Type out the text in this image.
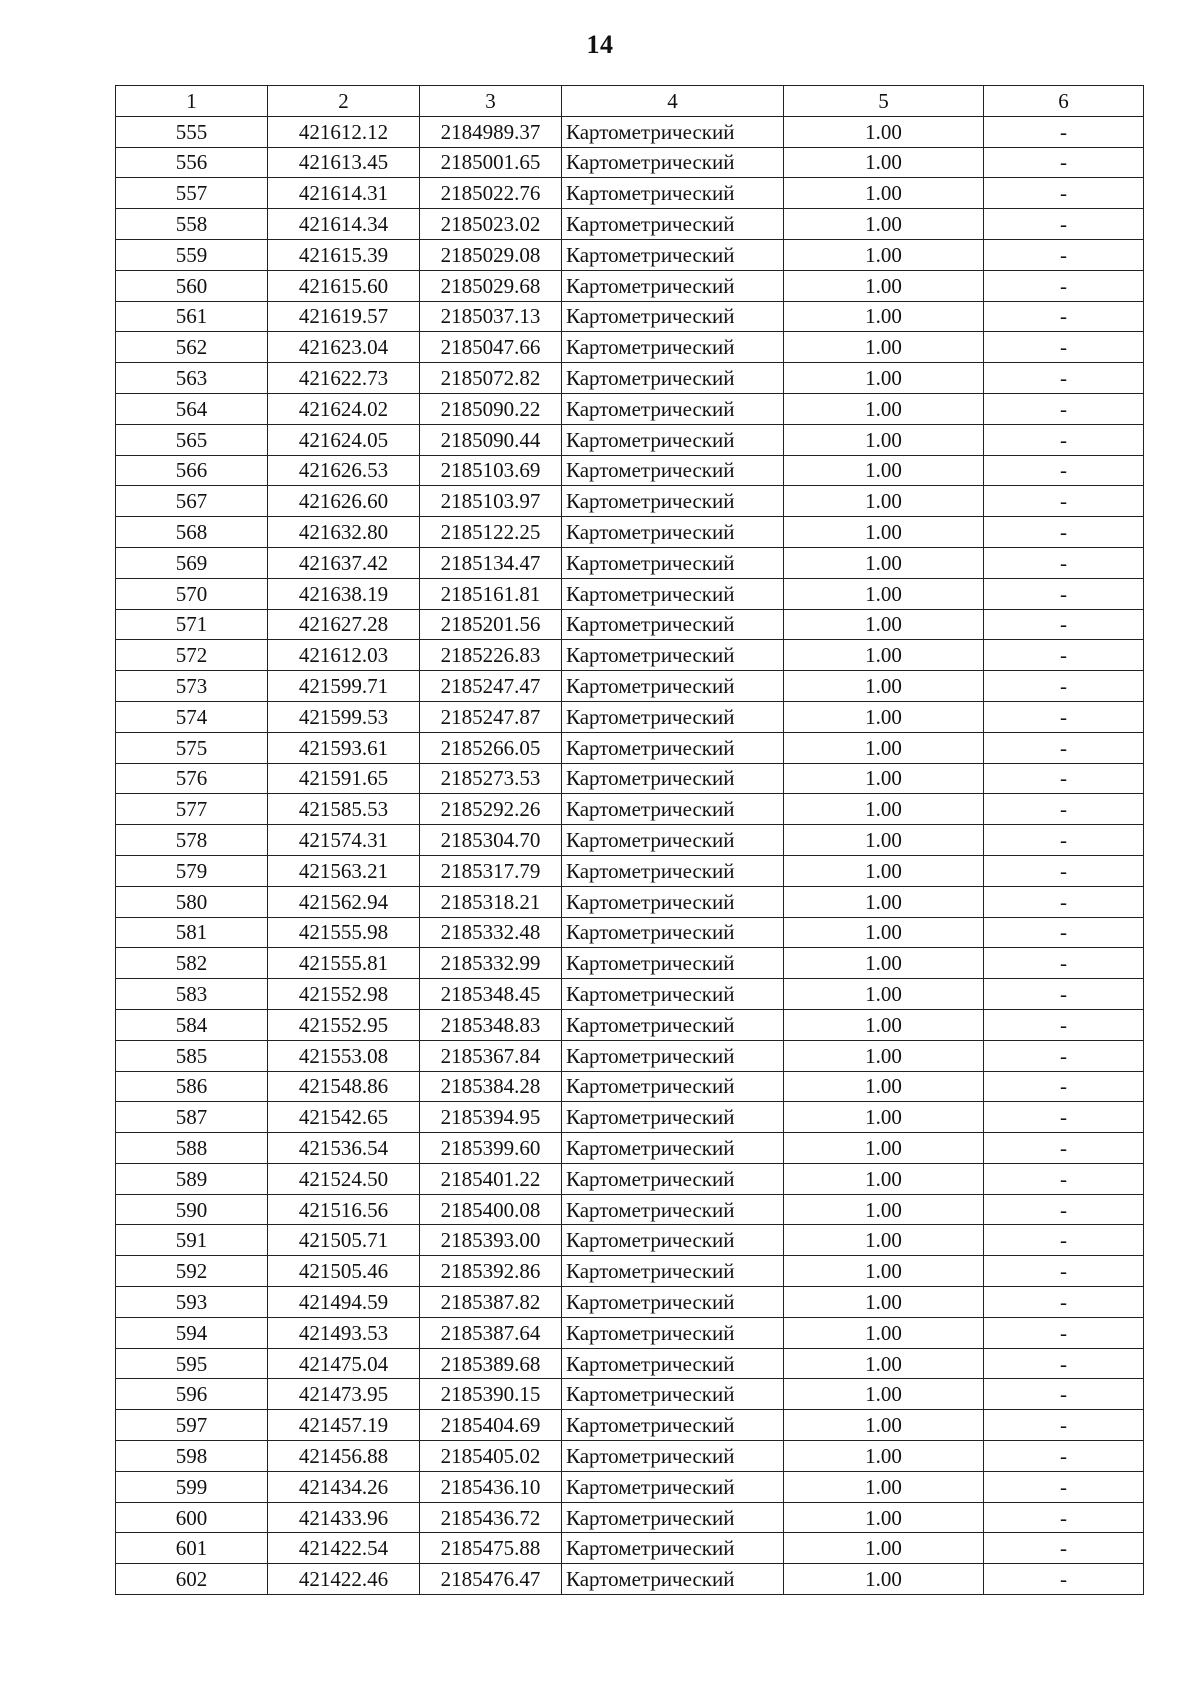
14
1	2	3	4	5	6
555	421612.12	2184989.37	Картометрический	1.00	-
556	421613.45	2185001.65	Картометрический	1.00	-
557	421614.31	2185022.76	Картометрический	1.00	-
558	421614.34	2185023.02	Картометрический	1.00	-
559	421615.39	2185029.08	Картометрический	1.00	-
560	421615.60	2185029.68	Картометрический	1.00	-
561	421619.57	2185037.13	Картометрический	1.00	-
562	421623.04	2185047.66	Картометрический	1.00	-
563	421622.73	2185072.82	Картометрический	1.00	-
564	421624.02	2185090.22	Картометрический	1.00	-
565	421624.05	2185090.44	Картометрический	1.00	-
566	421626.53	2185103.69	Картометрический	1.00	-
567	421626.60	2185103.97	Картометрический	1.00	-
568	421632.80	2185122.25	Картометрический	1.00	-
569	421637.42	2185134.47	Картометрический	1.00	-
570	421638.19	2185161.81	Картометрический	1.00	-
571	421627.28	2185201.56	Картометрический	1.00	-
572	421612.03	2185226.83	Картометрический	1.00	-
573	421599.71	2185247.47	Картометрический	1.00	-
574	421599.53	2185247.87	Картометрический	1.00	-
575	421593.61	2185266.05	Картометрический	1.00	-
576	421591.65	2185273.53	Картометрический	1.00	-
577	421585.53	2185292.26	Картометрический	1.00	-
578	421574.31	2185304.70	Картометрический	1.00	-
579	421563.21	2185317.79	Картометрический	1.00	-
580	421562.94	2185318.21	Картометрический	1.00	-
581	421555.98	2185332.48	Картометрический	1.00	-
582	421555.81	2185332.99	Картометрический	1.00	-
583	421552.98	2185348.45	Картометрический	1.00	-
584	421552.95	2185348.83	Картометрический	1.00	-
585	421553.08	2185367.84	Картометрический	1.00	-
586	421548.86	2185384.28	Картометрический	1.00	-
587	421542.65	2185394.95	Картометрический	1.00	-
588	421536.54	2185399.60	Картометрический	1.00	-
589	421524.50	2185401.22	Картометрический	1.00	-
590	421516.56	2185400.08	Картометрический	1.00	-
591	421505.71	2185393.00	Картометрический	1.00	-
592	421505.46	2185392.86	Картометрический	1.00	-
593	421494.59	2185387.82	Картометрический	1.00	-
594	421493.53	2185387.64	Картометрический	1.00	-
595	421475.04	2185389.68	Картометрический	1.00	-
596	421473.95	2185390.15	Картометрический	1.00	-
597	421457.19	2185404.69	Картометрический	1.00	-
598	421456.88	2185405.02	Картометрический	1.00	-
599	421434.26	2185436.10	Картометрический	1.00	-
600	421433.96	2185436.72	Картометрический	1.00	-
601	421422.54	2185475.88	Картометрический	1.00	-
602	421422.46	2185476.47	Картометрический	1.00	-
